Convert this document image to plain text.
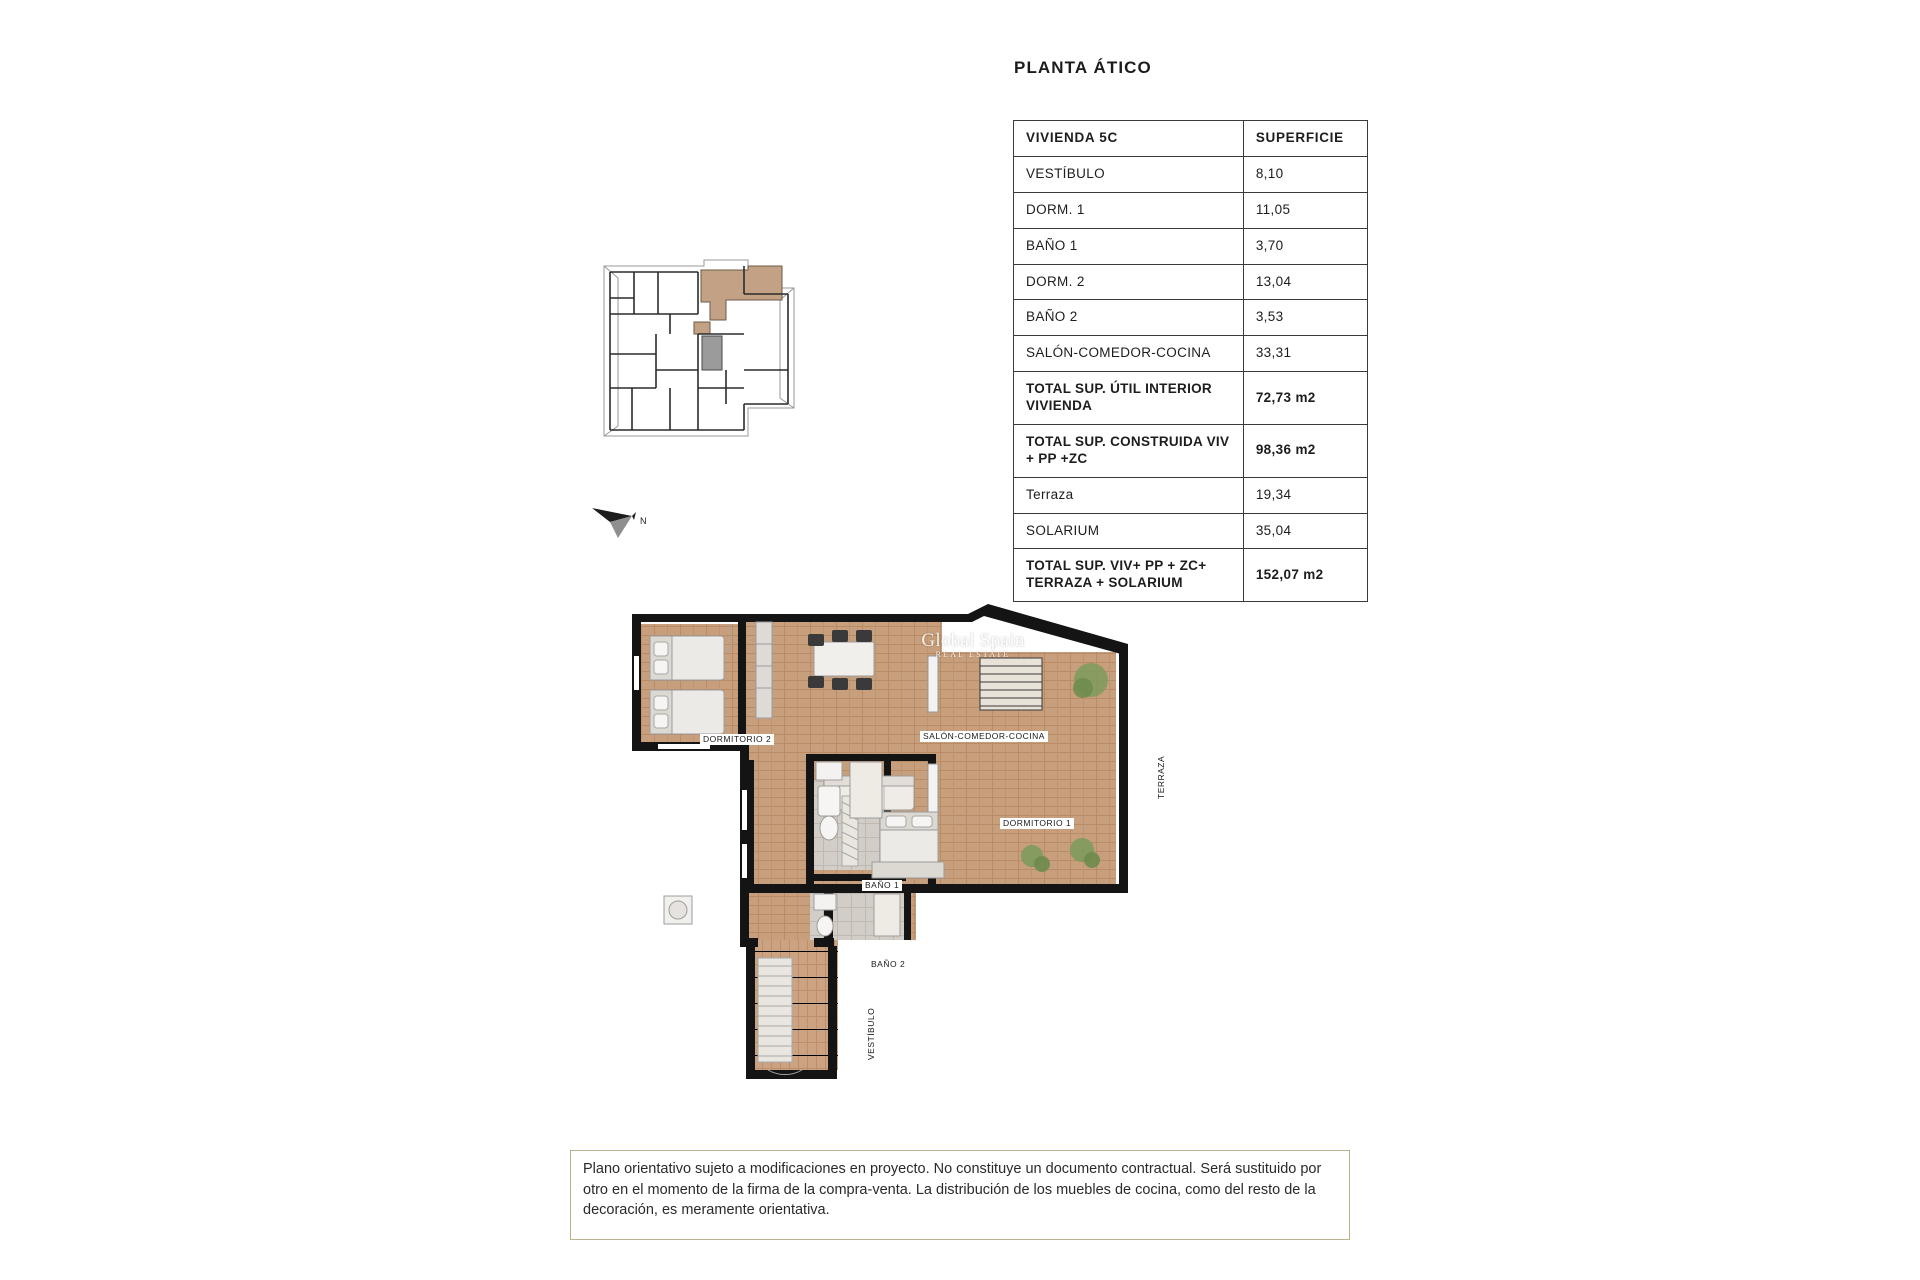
PLANTA ÁTICO
VIVIENDA 5C	SUPERFICIE
VESTÍBULO	8,10
DORM. 1	11,05
BAÑO 1	3,70
DORM. 2	13,04
BAÑO 2	3,53
SALÓN-COMEDOR-COCINA	33,31
TOTAL SUP. ÚTIL INTERIOR VIVIENDA	72,73 m2
TOTAL SUP. CONSTRUIDA VIV + PP +ZC	98,36 m2
Terraza	19,34
SOLARIUM	35,04
TOTAL SUP. VIV+ PP + ZC+ TERRAZA + SOLARIUM	152,07 m2
N
Global Spain
REAL ESTATE
DORMITORIO 2	SALÓN-COMEDOR-COCINA
TERRAZA
DORMITORIO 1
BAÑO 1
BAÑO 2
VESTÍBULO
Plano orientativo sujeto a modificaciones en proyecto. No constituye un documento contractual. Será sustituido por otro en el momento de la firma de la compra-venta. La distribución de los muebles de cocina, como del resto de la decoración, es meramente orientativa.
